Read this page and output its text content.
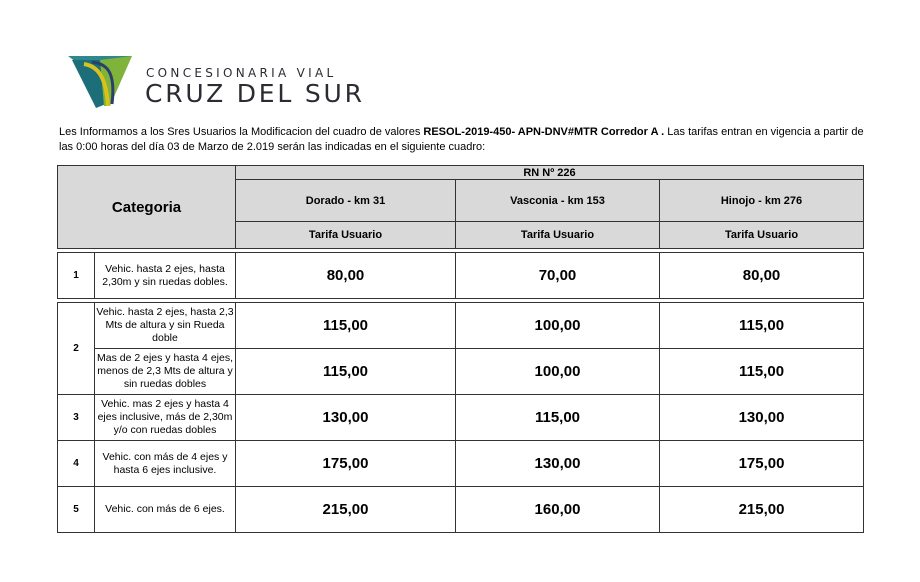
CONCESIONARIA VIAL
CRUZ DEL SUR
Les Informamos a los Sres Usuarios la Modificacion del cuadro de valores RESOL-2019-450- APN-DNV#MTR Corredor A . Las tarifas entran en vigencia a partir de las 0:00 horas del día 03 de Marzo de 2.019 serán las indicadas en el siguiente cuadro:
Categoria		RN Nº 226		
		Dorado - km 31	Vasconia - km 153	Hinojo - km 276
		Tarifa Usuario	Tarifa Usuario	Tarifa Usuario

1	Vehic. hasta 2 ejes, hasta 2,30m y sin ruedas dobles.	80,00	70,00	80,00

2	Vehic. hasta 2 ejes, hasta 2,3 Mts de altura y sin Rueda doble	115,00	100,00	115,00
	Mas de 2 ejes y hasta 4 ejes, menos de 2,3 Mts de altura y sin ruedas dobles	115,00	100,00	115,00
3	Vehic. mas 2 ejes y hasta 4 ejes inclusive, más de 2,30m y/o con ruedas dobles	130,00	115,00	130,00
4	Vehic. con más de 4 ejes y hasta 6 ejes inclusive.	175,00	130,00	175,00
5	Vehic. con más de 6 ejes.	215,00	160,00	215,00
